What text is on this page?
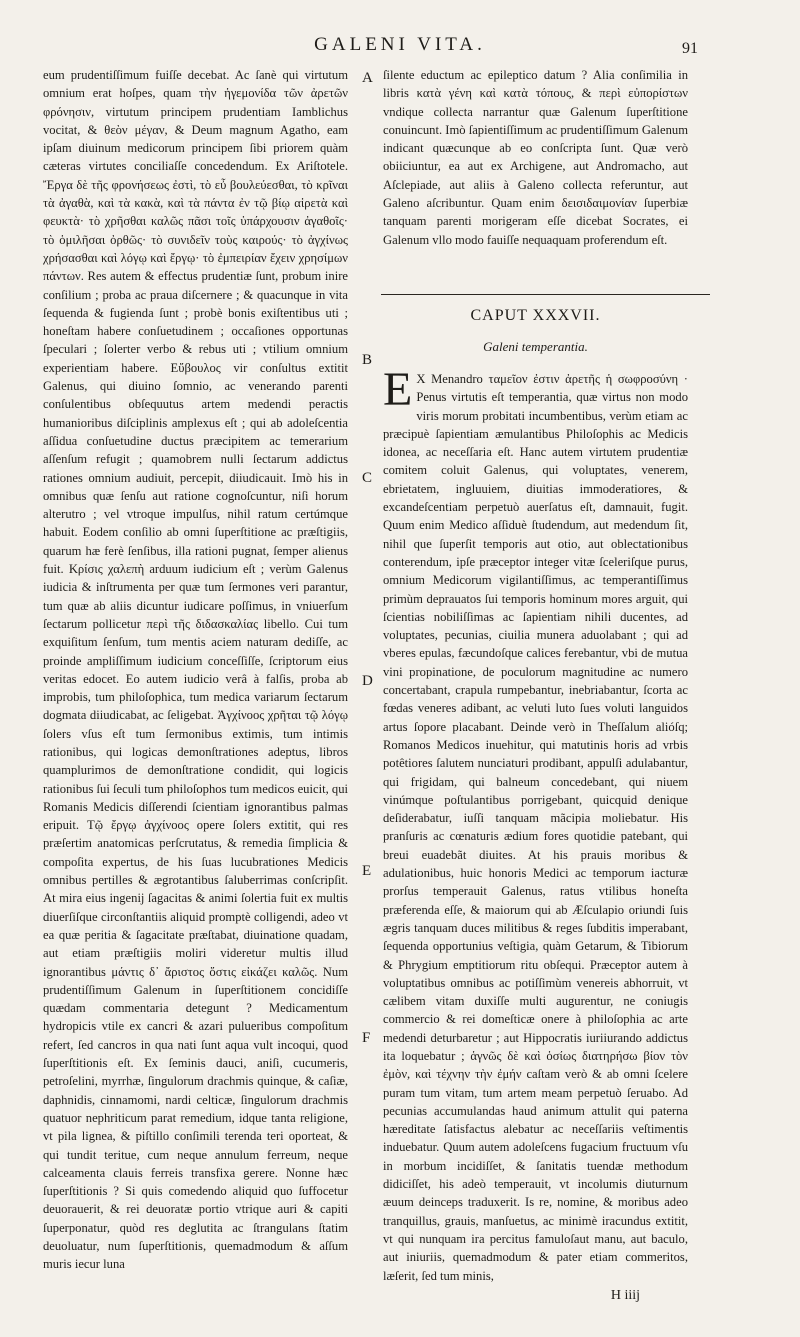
GALENI VITA.	91
A
B
C
D
E
F

eum prudentiſſimum fuiſſe decebat. Ac ſanè qui virtutum omnium erat hoſpes, quam τὴν ἡγεμονίδα τῶν ἀρετῶν φρόνησιν, virtutum principem prudentiam Iamblichus vocitat, & θεὸν μέγαν, & Deum magnum Agatho, eam ipſam diuinum medicorum principem ſibi priorem quàm cæteras virtutes conciliaſſe concedendum. Ex Ariſtotele. Ἔργα δὲ τῆς φρονήσεως ἐστὶ, τὸ εὖ βουλεύεσθαι, τὸ κρῖναι τὰ ἀγαθὰ, καὶ τὰ κακὰ, καὶ τὰ πάντα ἐν τῷ βίῳ αἱρετὰ καὶ φευκτὰ· τὸ χρῆσθαι καλῶς πᾶσι τοῖς ὑπάρχουσιν ἀγαθοῖς· τὸ ὁμιλῆσαι ὀρθῶς· τὸ συνιδεῖν τοὺς καιρούς· τὸ ἀγχίνως χρήσασθαι καὶ λόγῳ καὶ ἔργῳ· τὸ ἐμπειρίαν ἔχειν χρησίμων πάντων. Res autem & effectus prudentiæ ſunt, probum inire conſilium ; proba ac praua diſcernere ; & quacunque in vita ſequenda & fugienda ſunt ; probè bonis exiſtentibus uti ; honeſtam habere conſuetudinem ; occaſiones opportunas ſpeculari ; ſolerter verbo & rebus uti ; vtilium omnium experientiam habere. Εὔβουλος vir conſultus extitit Galenus, qui diuino ſomnio, ac venerando parenti conſulentibus obſequutus artem medendi peractis humanioribus diſciplinis amplexus eſt ; qui ab adoleſcentia aſſidua conſuetudine ductus præcipitem ac temerarium aſſenſum refugit ; quamobrem nulli ſectarum addictus rationes omnium audiuit, percepit, diiudicauit. Imò his in omnibus quæ ſenſu aut ratione cognoſcuntur, niſi horum alterutro ; vel vtroque impulſus, nihil ratum certúmque habuit. Eodem conſilio ab omni ſuperſtitione ac præſtigiis, quarum hæ ferè ſenſibus, illa rationi pugnat, ſemper alienus fuit. Κρίσις χαλεπὴ arduum iudicium eſt ; verùm Galenus iudicia & inſtrumenta per quæ tum ſermones veri parantur, tum quæ ab aliis dicuntur iudicare poſſimus, in vniuerſum ſectarum pollicetur περὶ τῆς διδασκαλίας libello. Cui tum exquiſitum ſenſum, tum mentis aciem naturam dediſſe, ac proinde ampliſſimum iudicium conceſſiſſe, ſcriptorum eius veritas edocet. Eo autem iudicio verâ à falſis, proba ab improbis, tum philoſophica, tum medica variarum ſectarum dogmata diiudicabat, ac ſeligebat. Ἀγχίνοος χρῆται τῷ λόγῳ ſolers vſus eſt tum ſermonibus extimis, tum intimis rationibus, qui logicas demonſtrationes adeptus, libros quamplurimos de demonſtratione condidit, qui logicis rationibus ſui ſeculi tum philoſophos tum medicos euicit, qui Romanis Medicis diſſerendi ſcientiam ignorantibus palmas eripuit. Τῷ ἔργῳ ἀγχίνοος opere ſolers extitit, qui res præſertim anatomicas perſcrutatus, & remedia ſimplicia & compoſita expertus, de his ſuas lucubrationes Medicis omnibus pertilles & ægrotantibus ſaluberrimas conſcripſit. At mira eius ingenij ſagacitas & animi ſolertia fuit ex multis diuerſiſque circonſtantiis aliquid promptè colligendi, adeo vt ea quæ peritia & ſagacitate præſtabat, diuinatione quadam, aut etiam præſtigiis moliri videretur multis illud ignorantibus μάντις δ᾽ ἄριστος ὅστις εἰκάζει καλῶς. Num prudentiſſimum Galenum in ſuperſtitionem concidiſſe quædam commentaria detegunt ? Medicamentum hydropicis vtile ex cancri & azari pulueribus compoſitum refert, ſed cancros in qua nati ſunt aqua vult incoqui, quod ſuperſtitionis eſt. Ex ſeminis dauci, aniſi, cucumeris, petroſelini, myrrhæ, ſingulorum drachmis quinque, & caſiæ, daphnidis, cinnamomi, nardi celticæ, ſingulorum drachmis quatuor nephriticum parat remedium, idque tanta religione, vt pila lignea, & piſtillo conſimili terenda teri oporteat, & qui tundit teritue, cum neque annulum ferreum, neque calceamenta clauis ferreis transfixa gerere. Nonne hæc ſuperſtitionis ? Si quis comedendo aliquid quo ſuffocetur deuorauerit, & rei deuoratæ portio vtrique auri & capiti ſuperponatur, quòd res deglutita ac ſtrangulans ſtatim deuoluatur, num ſuperſtitionis, quemadmodum & aſſum muris iecur luna

ſilente eductum ac epileptico datum ? Alia conſimilia in libris κατὰ γένη καὶ κατὰ τόπους, & περὶ εὐπορίστων vndique collecta narrantur quæ Galenum ſuperſtitione conuincunt. Imò ſapientiſſimum ac prudentiſſimum Galenum indicant quæcunque ab eo conſcripta ſunt. Quæ verò obiiciuntur, ea aut ex Archigene, aut Andromacho, aut Aſclepiade, aut aliis à Galeno collecta referuntur, aut Galeno aſcribuntur. Quam enim δεισιδαιμονίαν ſuperbiæ tanquam parenti morigeram eſſe dicebat Socrates, ei Galenum vllo modo fauiſſe nequaquam proferendum eſt.

CAPUT XXXVII.
Galeni temperantia.
E X Menandro ταμεῖον ἐστιν ἀρετῆς ἡ σωφροσύνη · Penus virtutis eſt temperantia, quæ virtus non modo viris morum probitati incumbentibus, verùm etiam ac præcipuè ſapientiam æmulantibus Philoſophis ac Medicis idonea, ac neceſſaria eſt. Hanc autem virtutem prudentiæ comitem coluit Galenus, qui voluptates, venerem, ebrietatem, ingluuiem, diuitias immoderatiores, & excandeſcentiam perpetuò auerſatus eſt, damnauit, fugit. Quum enim Medico aſſiduè ſtudendum, aut medendum ſit, nihil que ſuperſit temporis aut otio, aut oblectationibus conterendum, ipſe præceptor integer vitæ ſceleriſque purus, omnium Medicorum vigilantiſſimus, ac temperantiſſimus primùm deprauatos ſui temporis hominum mores arguit, qui ſcientias nobiliſſimas ac ſapientiam nihili ducentes, ad voluptates, pecunias, ciuilia munera aduolabant ; qui ad vberes epulas, fæcundoſque calices ferebantur, vbi de mutua vini propinatione, de poculorum magnitudine ac numero concertabant, crapula rumpebantur, inebriabantur, ſcorta ac fœdas veneres adibant, ac veluti luto ſues voluti languidos artus ſopore placabant. Deinde verò in Theſſalum alióſq; Romanos Medicos inuehitur, qui matutinis horis ad vrbis potêtiores ſalutem nunciaturi prodibant, appulſi adulabantur, qui frigidam, qui balneum concedebant, qui niuem vinúmque poſtulantibus porrigebant, quicquid denique deſiderabatur, iuſſi tanquam mãcipia moliebatur. His pranſuris ac cœnaturis ædium fores quotidie patebant, qui breui euadebãt diuites. At his prauis moribus & adulationibus, huic honoris Medici ac temporum iacturæ prorſus temperauit Galenus, ratus vtilibus honeſta præferenda eſſe, & maiorum qui ab Æſculapio oriundi ſuis ægris tanquam duces militibus & reges ſubditis imperabant, ſequenda opportunius veſtigia, quàm Getarum, & Tibiorum & Phrygium emptitiorum ritu obſequi. Præceptor autem à voluptatibus omnibus ac potiſſimùm venereis abhorruit, vt cælibem vitam duxiſſe multi augurentur, ne coniugis commercio & rei domeſticæ onere à philoſophia ac arte medendi deturbaretur ; aut Hippocratis iuriiurando addictus ita loquebatur ; ἁγνῶς δὲ καὶ ὁσίως διατηρήσω βίον τὸν ἐμὸν, καὶ τέχνην τὴν ἐμήν caſtam verò & ab omni ſcelere puram tum vitam, tum artem meam perpetuò ſeruabo. Ad pecunias accumulandas haud animum attulit qui paterna hæreditate ſatisfactus alebatur ac neceſſariis veſtimentis induebatur. Quum autem adoleſcens fugacium fructuum vſu in morbum incidiſſet, & ſanitatis tuendæ methodum didiciſſet, his adeò temperauit, vt incolumis diuturnum æuum deinceps traduxerit. Is re, nomine, & moribus adeo tranquillus, grauis, manſuetus, ac minimè iracundus extitit, vt qui nunquam ira percitus famuloſaut manu, aut baculo, aut iniuriis, quemadmodum & pater etiam commeritos, læſerit, ſed tum minis,

H iiij
